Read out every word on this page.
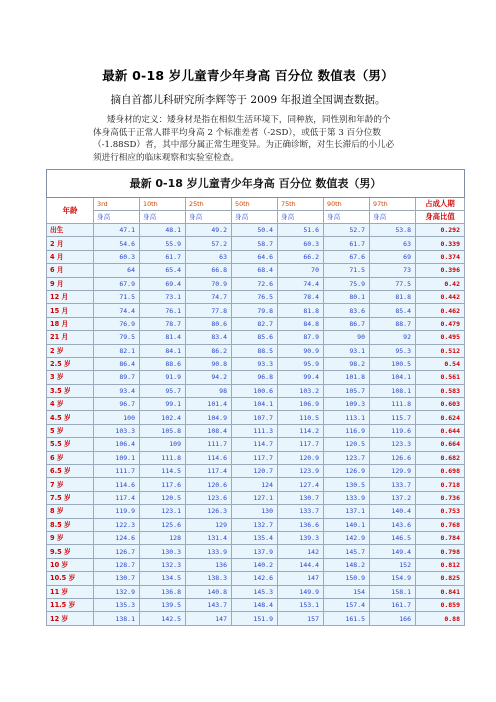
最新 0-18 岁儿童青少年身高 百分位 数值表（男）
摘自首都儿科研究所李辉等于 2009 年报道全国调查数据。

矮身材的定义：矮身材是指在相似生活环境下，同种族，同性别和年龄的个

体身高低于正常人群平均身高 2 个标准差者（-2SD），或低于第 3 百分位数

（-1.88SD）者，其中部分属正常生理变异。为正确诊断，对生长滞后的小儿必

须进行相应的临床观察和实验室检查。

最新 0-18 岁儿童青少年身高 百分位 数值表（男）								
年龄	3rd	10th	25th	50th	75th	90th	97th	占成人期
	身高	身高	身高	身高	身高	身高	身高	身高比值
出生	47.1	48.1	49.2	50.4	51.6	52.7	53.8	0.292
2 月	54.6	55.9	57.2	58.7	60.3	61.7	63	0.339
4 月	60.3	61.7	63	64.6	66.2	67.6	69	0.374
6 月	64	65.4	66.8	68.4	70	71.5	73	0.396
9 月	67.9	69.4	70.9	72.6	74.4	75.9	77.5	0.42
12 月	71.5	73.1	74.7	76.5	78.4	80.1	81.8	0.442
15 月	74.4	76.1	77.8	79.8	81.8	83.6	85.4	0.462
18 月	76.9	78.7	80.6	82.7	84.8	86.7	88.7	0.479
21 月	79.5	81.4	83.4	85.6	87.9	90	92	0.495
2 岁	82.1	84.1	86.2	88.5	90.9	93.1	95.3	0.512
2.5 岁	86.4	88.6	90.8	93.3	95.9	98.2	100.5	0.54
3 岁	89.7	91.9	94.2	96.8	99.4	101.8	104.1	0.561
3.5 岁	93.4	95.7	98	100.6	103.2	105.7	108.1	0.583
4 岁	96.7	99.1	101.4	104.1	106.9	109.3	111.8	0.603
4.5 岁	100	102.4	104.9	107.7	110.5	113.1	115.7	0.624
5 岁	103.3	105.8	108.4	111.3	114.2	116.9	119.6	0.644
5.5 岁	106.4	109	111.7	114.7	117.7	120.5	123.3	0.664
6 岁	109.1	111.8	114.6	117.7	120.9	123.7	126.6	0.682
6.5 岁	111.7	114.5	117.4	120.7	123.9	126.9	129.9	0.698
7 岁	114.6	117.6	120.6	124	127.4	130.5	133.7	0.718
7.5 岁	117.4	120.5	123.6	127.1	130.7	133.9	137.2	0.736
8 岁	119.9	123.1	126.3	130	133.7	137.1	140.4	0.753
8.5 岁	122.3	125.6	129	132.7	136.6	140.1	143.6	0.768
9 岁	124.6	128	131.4	135.4	139.3	142.9	146.5	0.784
9.5 岁	126.7	130.3	133.9	137.9	142	145.7	149.4	0.798
10 岁	128.7	132.3	136	140.2	144.4	148.2	152	0.812
10.5 岁	130.7	134.5	138.3	142.6	147	150.9	154.9	0.825
11 岁	132.9	136.8	140.8	145.3	149.9	154	158.1	0.841
11.5 岁	135.3	139.5	143.7	148.4	153.1	157.4	161.7	0.859
12 岁	138.1	142.5	147	151.9	157	161.5	166	0.88
